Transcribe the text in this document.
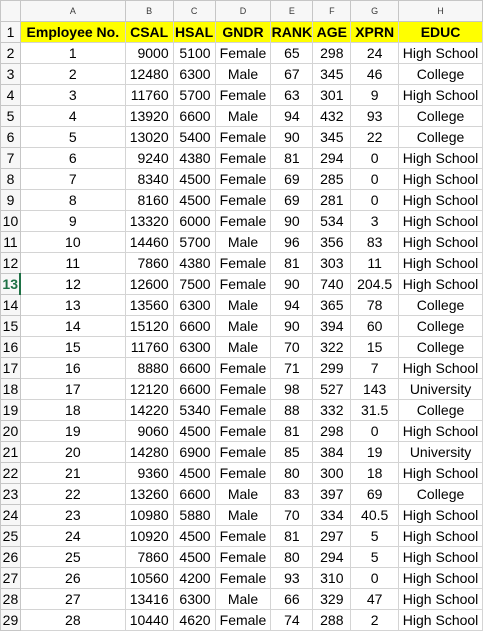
	A	B	C	D	E	F	G	H
1	Employee No.	CSAL	HSAL	GNDR	RANK	AGE	XPRN	EDUC
2	1	9000	5100	Female	65	298	24	High School
3	2	12480	6300	Male	67	345	46	College
4	3	11760	5700	Female	63	301	9	High School
5	4	13920	6600	Male	94	432	93	College
6	5	13020	5400	Female	90	345	22	College
7	6	9240	4380	Female	81	294	0	High School
8	7	8340	4500	Female	69	285	0	High School
9	8	8160	4500	Female	69	281	0	High School
10	9	13320	6000	Female	90	534	3	High School
11	10	14460	5700	Male	96	356	83	High School
12	11	7860	4380	Female	81	303	11	High School
13	12	12600	7500	Female	90	740	204.5	High School
14	13	13560	6300	Male	94	365	78	College
15	14	15120	6600	Male	90	394	60	College
16	15	11760	6300	Male	70	322	15	College
17	16	8880	6600	Female	71	299	7	High School
18	17	12120	6600	Female	98	527	143	University
19	18	14220	5340	Female	88	332	31.5	College
20	19	9060	4500	Female	81	298	0	High School
21	20	14280	6900	Female	85	384	19	University
22	21	9360	4500	Female	80	300	18	High School
23	22	13260	6600	Male	83	397	69	College
24	23	10980	5880	Male	70	334	40.5	High School
25	24	10920	4500	Female	81	297	5	High School
26	25	7860	4500	Female	80	294	5	High School
27	26	10560	4200	Female	93	310	0	High School
28	27	13416	6300	Male	66	329	47	High School
29	28	10440	4620	Female	74	288	2	High School
